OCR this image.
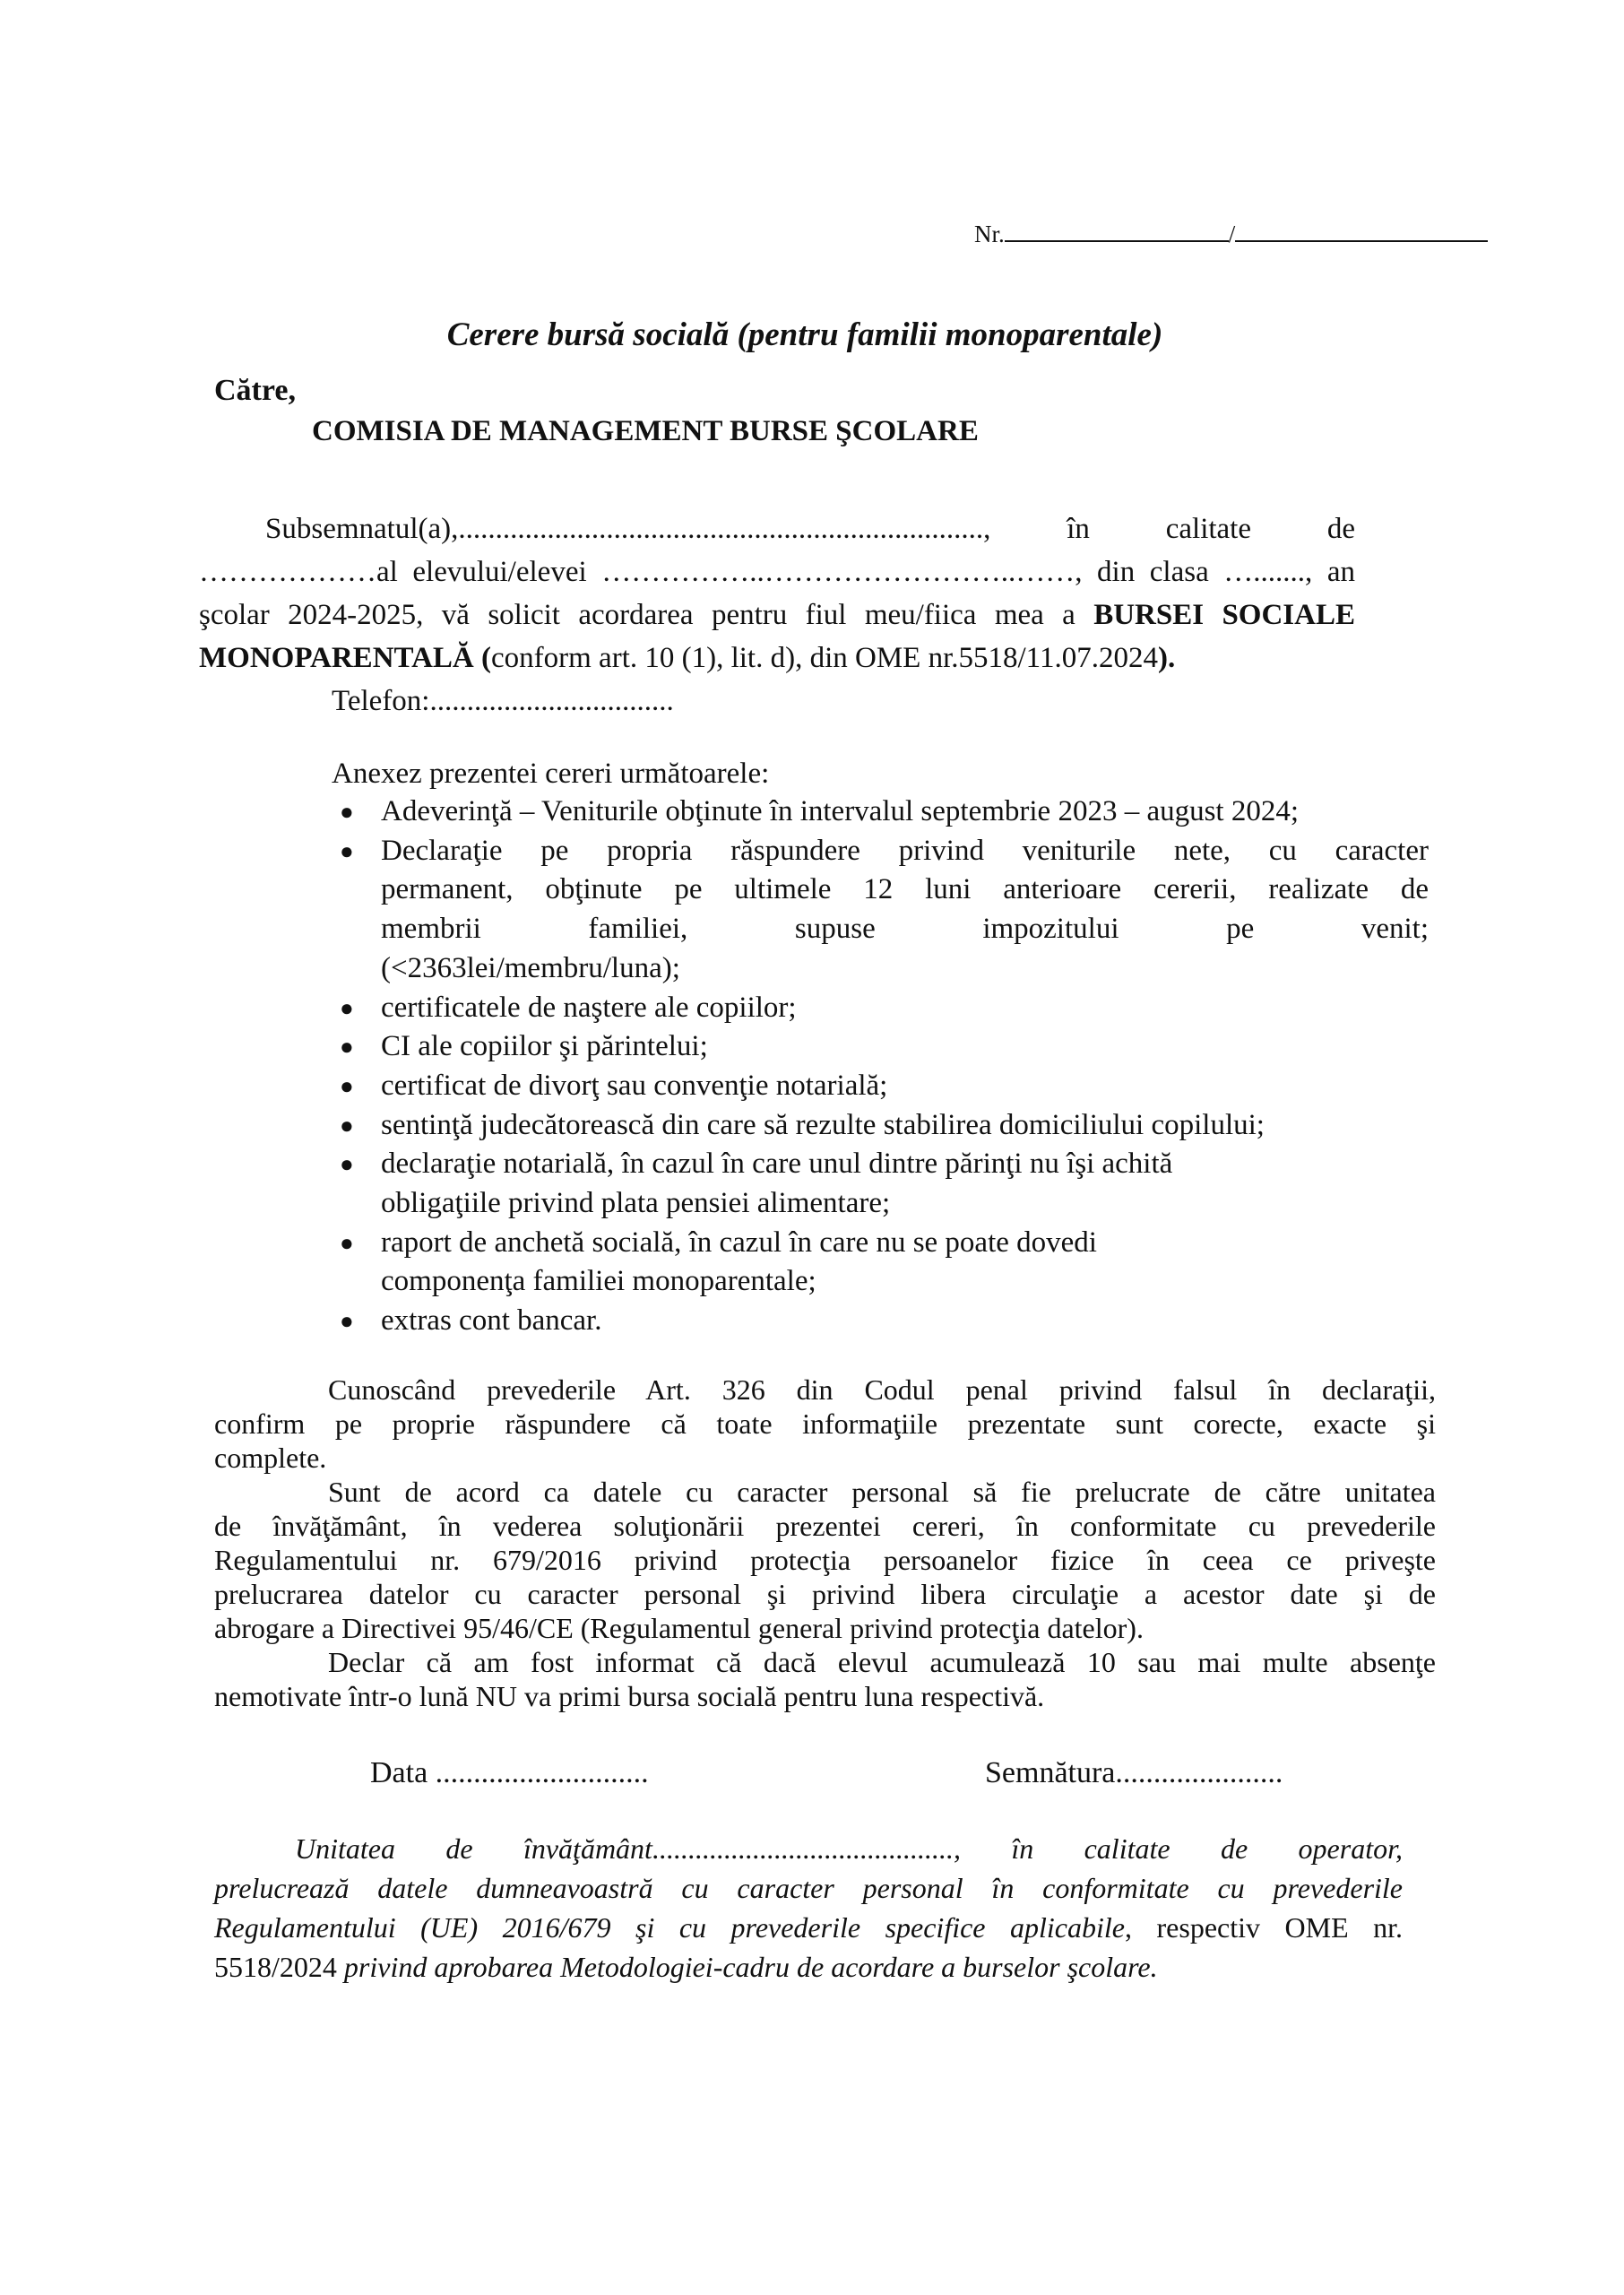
Nr.	/
Cerere bursă socială (pentru familii monoparentale)
Către,
COMISIA DE MANAGEMENT BURSE ŞCOLARE
Subsemnatul(a),......................................................................., în calitate de
………………al elevului/elevei ……………..……………………..……, din clasa …......., an
şcolar 2024-2025, vă solicit acordarea pentru fiul meu/fiica mea a BURSEI SOCIALE
MONOPARENTALĂ (conform art. 10 (1), lit. d), din OME nr.5518/11.07.2024).
Telefon:.................................
Anexez prezentei cereri următoarele:
● Adeverinţă – Veniturile obţinute în intervalul septembrie 2023 – august 2024;
● Declaraţie pe propria răspundere privind veniturile nete, cu caracter
permanent, obţinute pe ultimele 12 luni anterioare cererii, realizate de
membrii familiei, supuse impozitului pe venit;
(<2363lei/membru/luna);
● certificatele de naştere ale copiilor;
● CI ale copiilor şi părintelui;
● certificat de divorţ sau convenţie notarială;
● sentinţă judecătorească din care să rezulte stabilirea domiciliului copilului;
● declaraţie notarială, în cazul în care unul dintre părinţi nu îşi achită
obligaţiile privind plata pensiei alimentare;
● raport de anchetă socială, în cazul în care nu se poate dovedi
componenţa familiei monoparentale;
● extras cont bancar.
Cunoscând prevederile Art. 326 din Codul penal privind falsul în declaraţii,
confirm pe proprie răspundere că toate informaţiile prezentate sunt corecte, exacte şi
complete.
Sunt de acord ca datele cu caracter personal să fie prelucrate de către unitatea
de învăţământ, în vederea soluţionării prezentei cereri, în conformitate cu prevederile
Regulamentului nr. 679/2016 privind protecţia persoanelor fizice în ceea ce priveşte
prelucrarea datelor cu caracter personal şi privind libera circulaţie a acestor date şi de
abrogare a Directivei 95/46/CE (Regulamentul general privind protecţia datelor).
Declar că am fost informat că dacă elevul acumulează 10 sau mai multe absenţe
nemotivate într-o lună NU va primi bursa socială pentru luna respectivă.
Data ............................	Semnătura......................
Unitatea de învăţământ.........................................., în calitate de operator,
prelucrează datele dumneavoastră cu caracter personal în conformitate cu prevederile
Regulamentului (UE) 2016/679 şi cu prevederile specifice aplicabile, respectiv OME nr.
5518/2024 privind aprobarea Metodologiei-cadru de acordare a burselor şcolare.
